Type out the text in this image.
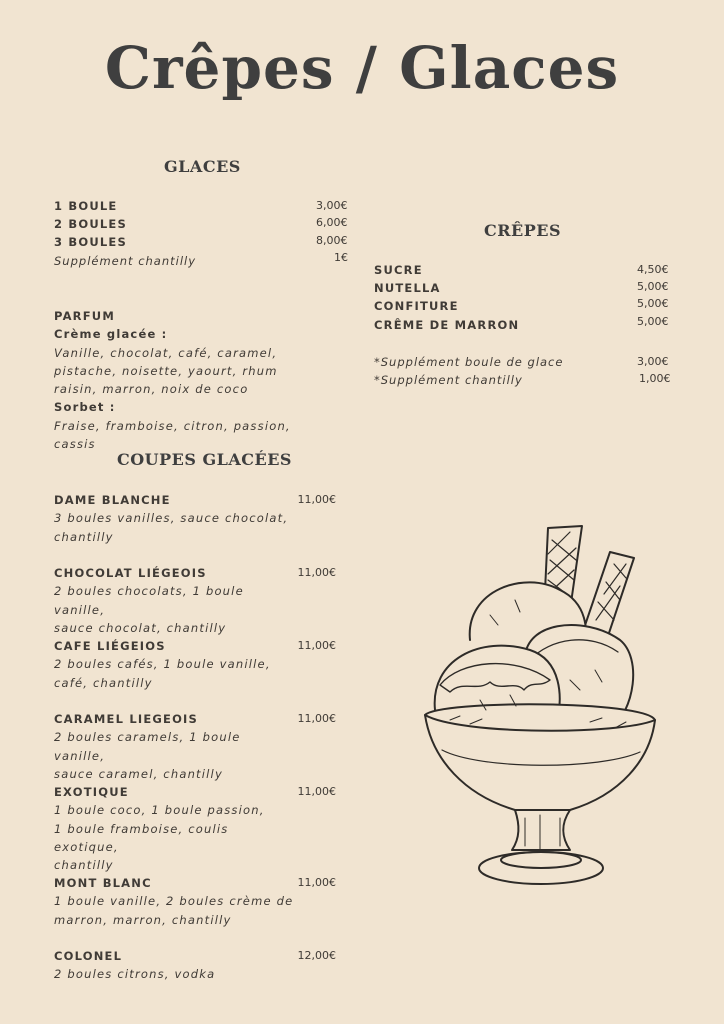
Crêpes / Glaces
GLACES
1 BOULE	3,00€
2 BOULES	6,00€
3 BOULES	8,00€
Supplément chantilly	1€
PARFUM
Crème glacée :
Vanille, chocolat, café, caramel,
pistache, noisette, yaourt, rhum
raisin, marron, noix de coco
Sorbet :
Fraise, framboise, citron, passion,
cassis
COUPES GLACÉES
DAME BLANCHE	11,00€
3 boules vanilles, sauce chocolat,
chantilly
CHOCOLAT LIÉGEOIS	11,00€
2 boules chocolats, 1 boule vanille,
sauce chocolat, chantilly
CAFE LIÉGEIOS	11,00€
2 boules cafés, 1 boule vanille,
café, chantilly
CARAMEL LIEGEOIS	11,00€
2 boules caramels, 1 boule vanille,
sauce caramel, chantilly
EXOTIQUE	11,00€
1 boule coco, 1 boule passion,
1 boule framboise, coulis exotique,
chantilly
MONT BLANC	11,00€
1 boule vanille, 2 boules crème de
marron, marron, chantilly
COLONEL	12,00€
2 boules citrons, vodka
CRÊPES
SUCRE	4,50€
NUTELLA	5,00€
CONFITURE	5,00€
CRÊME DE MARRON	5,00€
*Supplément boule de glace	3,00€
*Supplément chantilly	1,00€
